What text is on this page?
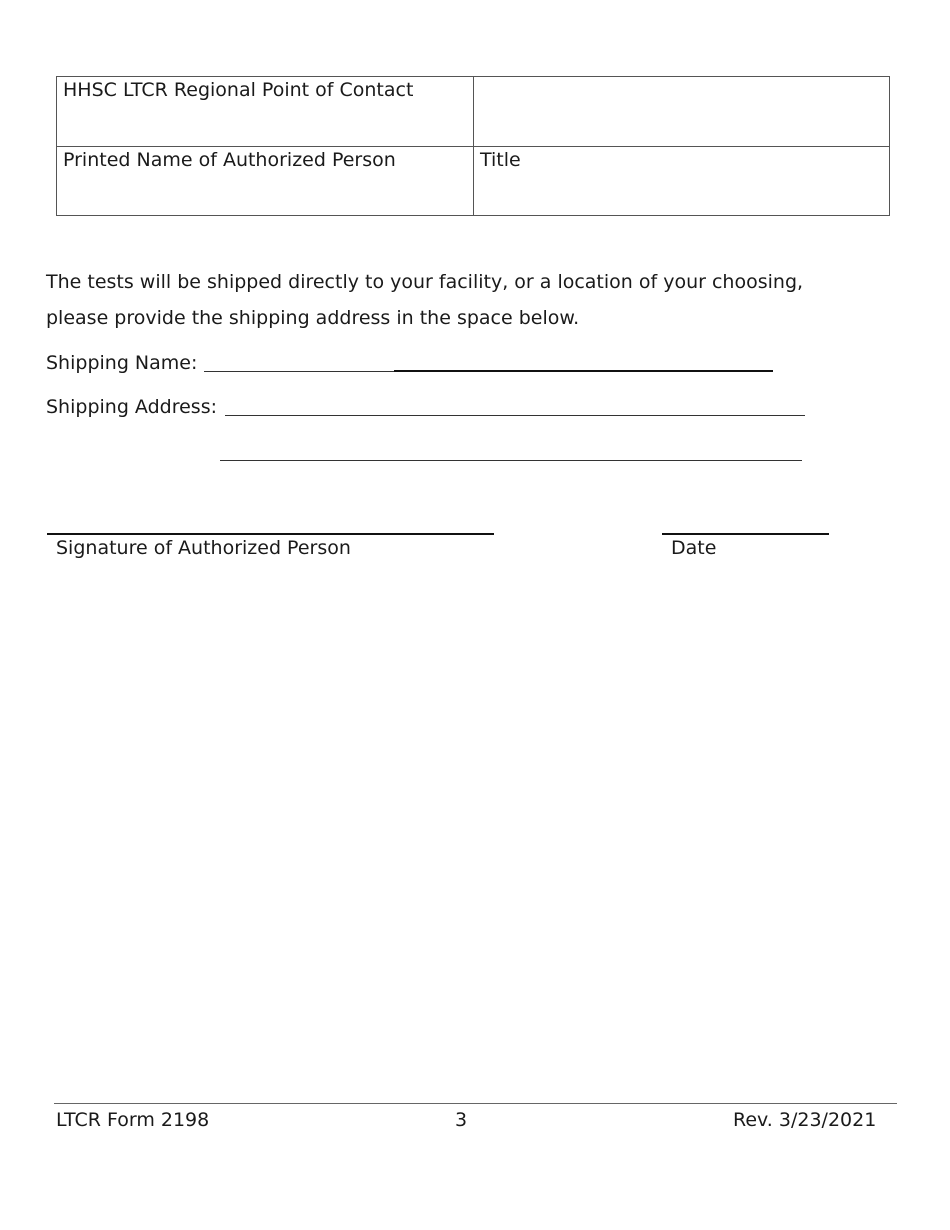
HHSC LTCR Regional Point of Contact
Printed Name of Authorized Person	Title
The tests will be shipped directly to your facility, or a location of your choosing,
please provide the shipping address in the space below.
Shipping Name:
Shipping Address:
Signature of Authorized Person	Date
LTCR Form 2198	3	Rev. 3/23/2021
